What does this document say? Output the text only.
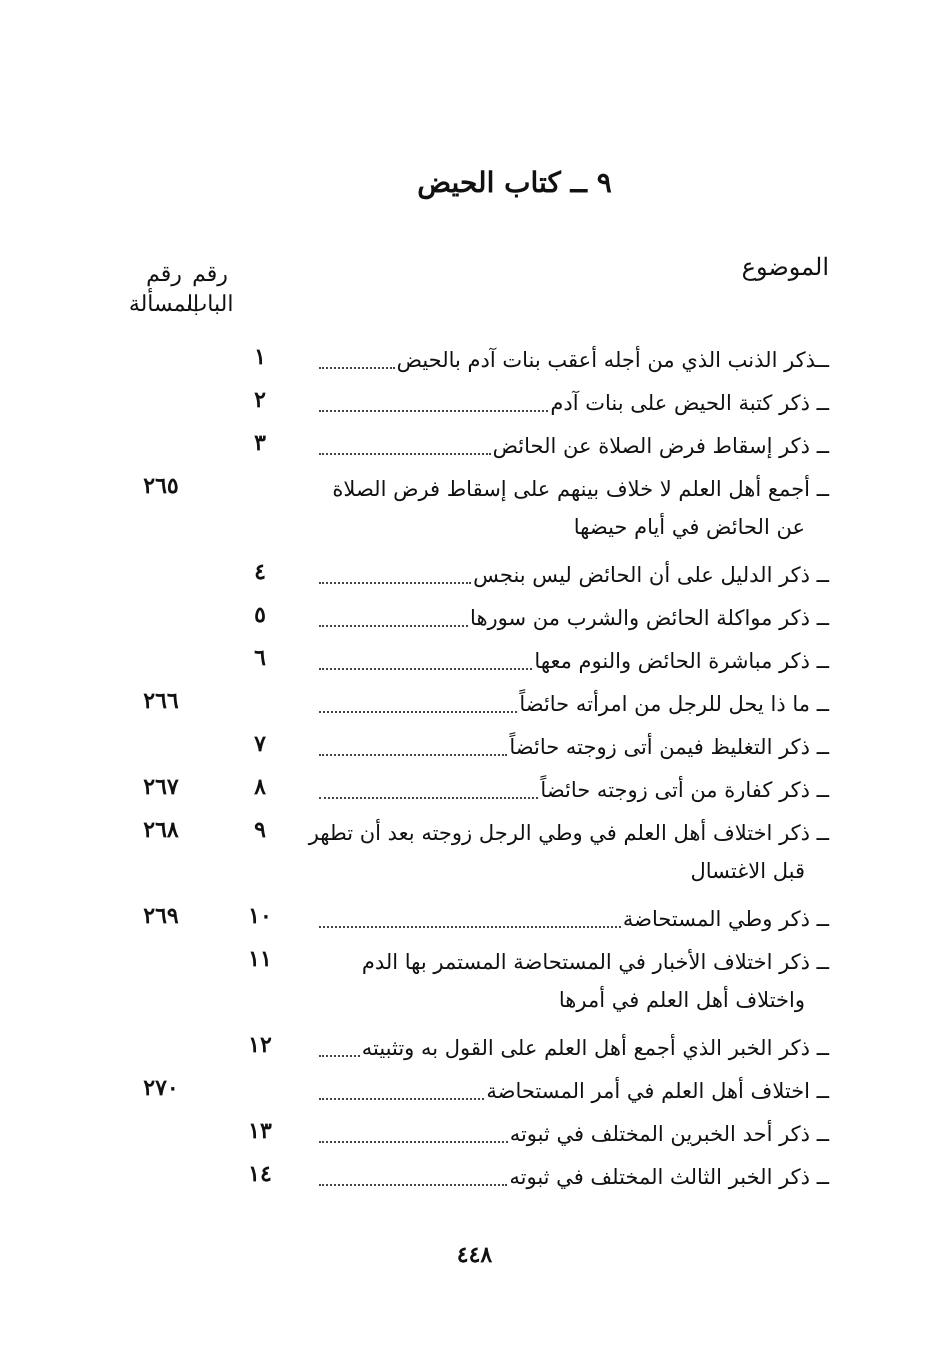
٩ ــ كتاب الحيض
الموضوع
رقم
الباب
رقم
المسألة
ــذكر الذنب الذي من أجله أعقب بنات آدم بالحيض
١
ــ ذكر كتبة الحيض على بنات آدم
٢
ــ ذكر إسقاط فرض الصلاة عن الحائض
٣
ــ أجمع أهل العلم لا خلاف بينهم على إسقاط فرض الصلاة
عن الحائض في أيام حيضها
٢٦٥
ــ ذكر الدليل على أن الحائض ليس بنجس
٤
ــ ذكر مواكلة الحائض والشرب من سورها
٥
ــ ذكر مباشرة الحائض والنوم معها
٦
ــ ما ذا يحل للرجل من امرأته حائضاً
٢٦٦
ــ ذكر التغليظ فيمن أتى زوجته حائضاً
٧
ــ ذكر كفارة من أتى زوجته حائضاً
٨
٢٦٧
ــ ذكر اختلاف أهل العلم في وطي الرجل زوجته بعد أن تطهر
قبل الاغتسال
٩
٢٦٨
ــ ذكر وطي المستحاضة
١٠
٢٦٩
ــ ذكر اختلاف الأخبار في المستحاضة المستمر بها الدم
واختلاف أهل العلم في أمرها
١١
ــ ذكر الخبر الذي أجمع أهل العلم على القول به وتثبيته
١٢
ــ اختلاف أهل العلم في أمر المستحاضة
٢٧٠
ــ ذكر أحد الخبرين المختلف في ثبوته
١٣
ــ ذكر الخبر الثالث المختلف في ثبوته
١٤
٤٤٨
